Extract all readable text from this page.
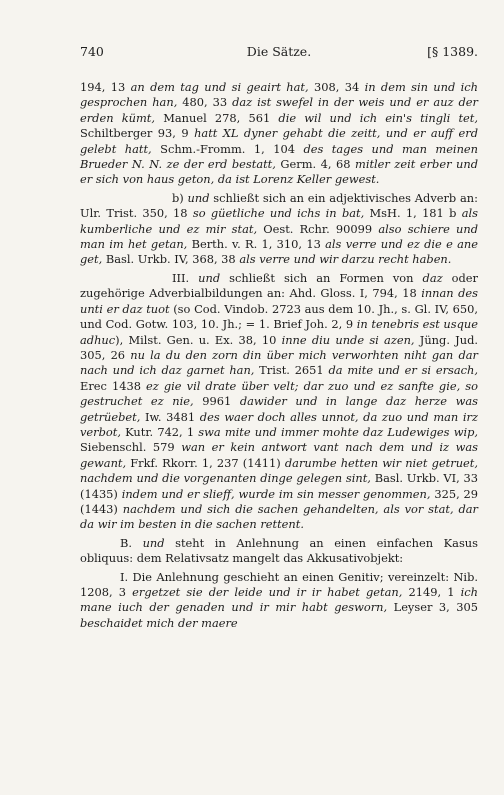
740	Die Sätze.	[§ 1389.

194, 13 an dem tag und si geairt hat, 308, 34 in dem sin und ich gesprochen han, 480, 33 daz ist swefel in der weis und er auz der erden kümt, Manuel 278, 561 die wil und ich ein's tingli tet, Schiltberger 93, 9 hatt XL dyner gehabt die zeitt, und er auff erd gelebt hatt, Schm.-Fromm. 1, 104 des tages und man meinen Brueder N. N. ze der erd bestatt, Germ. 4, 68 mitler zeit erber und er sich von haus geton, da ist Lorenz Keller gewest.

b) und schließt sich an ein adjektivisches Adverb an: Ulr. Trist. 350, 18 so güetliche und ichs in bat, MsH. 1, 181 b als kumberliche und ez mir stat, Oest. Rchr. 90099 also schiere und man im het getan, Berth. v. R. 1, 310, 13 als verre und ez die e ane get, Basl. Urkb. IV, 368, 38 als verre und wir darzu recht haben.

III. und schließt sich an Formen von daz oder zugehörige Adverbialbildungen an: Ahd. Gloss. I, 794, 18 innan des unti er daz tuot (so Cod. Vindob. 2723 aus dem 10. Jh., s. Gl. IV, 650, und Cod. Gotw. 103, 10. Jh.; = 1. Brief Joh. 2, 9 in tenebris est usque adhuc), Milst. Gen. u. Ex. 38, 10 inne diu unde si azen, Jüng. Jud. 305, 26 nu la du den zorn din über mich verworhten niht gan dar nach und ich daz garnet han, Trist. 2651 da mite und er si ersach, Erec 1438 ez gie vil drate über velt; dar zuo und ez sanfte gie, so gestruchet ez nie, 9961 dawider und in lange daz herze was getrüebet, Iw. 3481 des waer doch alles unnot, da zuo und man irz verbot, Kutr. 742, 1 swa mite und immer mohte daz Ludewiges wip, Siebenschl. 579 wan er kein antwort vant nach dem und iz was gewant, Frkf. Rkorr. 1, 237 (1411) darumbe hetten wir niet getruet, nachdem und die vorgenanten dinge gelegen sint, Basl. Urkb. VI, 33 (1435) indem und er slieff, wurde im sin messer genommen, 325, 29 (1443) nachdem und sich die sachen gehandelten, als vor stat, dar da wir im besten in die sachen rettent.

B. und steht in Anlehnung an einen einfachen Kasus obliquus: dem Relativsatz mangelt das Akkusativobjekt:

I. Die Anlehnung geschieht an einen Genitiv; vereinzelt: Nib. 1208, 3 ergetzet sie der leide und ir ir habet getan, 2149, 1 ich mane iuch der genaden und ir mir habt gesworn, Leyser 3, 305 beschaidet mich der maere
